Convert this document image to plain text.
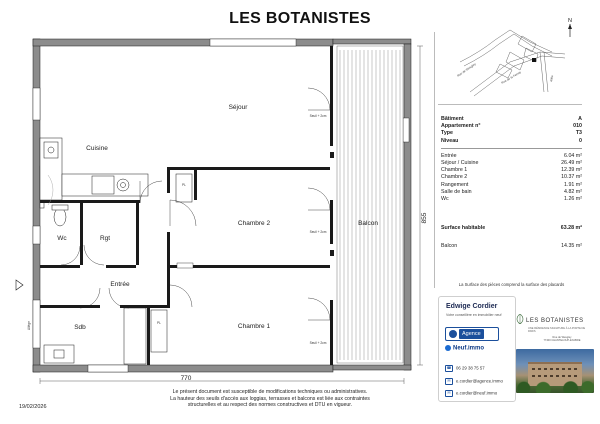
LES BOTANISTES	N
Rue de Wesgley	Rue de la Ferme	Allée
PL
PL
770
855
Séjour
Cuisine
Chambre 2	Balcon
Wc	Rgt
Entrée
Sdb	Chambre 1
Seuil + 2cm
Seuil + 2cm
Seuil + 2cm
Allège
Bâtiment	A
Appartement n°	010
Type	T3
Niveau	0
Entrée	6.04 m²
Séjour / Cuisine	26.49 m²
Chambre 1	12.39 m²
Chambre 2	10.37 m²
Rangement	1.91 m²
Salle de bain	4.82 m²
Wc	1.26 m²
Surface habitable	63.28 m²
Balcon	14.35 m²
La Surface des pièces comprend la surface des placards
Edwige Cordier
Votre conseillère en immobilier neuf
Agence
Neuf.immo
☎ 06 29 38 75 57
✉ e.cordier@agence.immo
✉ e.cordier@neuf.immo
LES BOTANISTES
UNE RÉSIDENCE SIGNATURE À LA PORTE DE PARIS
Rue de Wesgley
77400 CHANTELOUP-EN-BRIE
Le présent document est susceptible de modifications techniques ou administratives.
La hauteur des seuils d'accès aux loggias, terrasses et balcons est liée aux contraintes
structurelles et au respect des normes constructives et DTU en vigueur.
19/02/2026
